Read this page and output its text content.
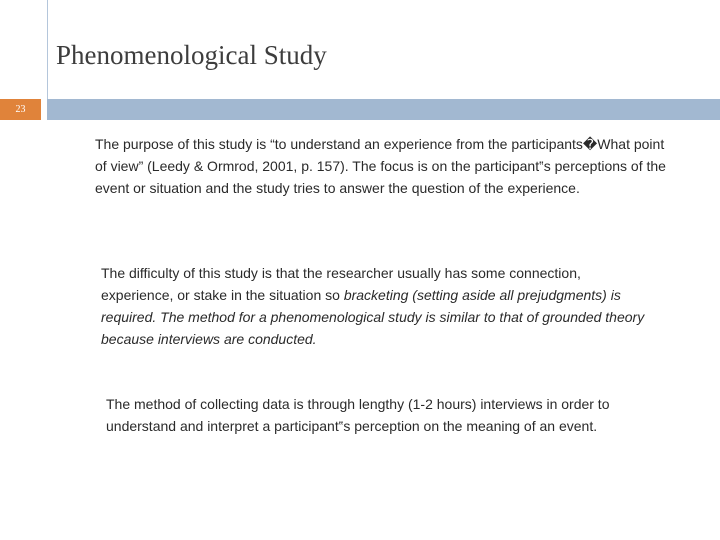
Phenomenological Study
23

The purpose of this study is “to understand an experience from the participants�What point of view” (Leedy & Ormrod, 2001, p. 157). The focus is on the participant‟s perceptions of the event or situation and the study tries to answer the question of the experience.

The difficulty of this study is that the researcher usually has some connection, experience, or stake in the situation so bracketing (setting aside all prejudgments) is required. The method for a phenomenological study is similar to that of grounded theory because interviews are conducted.

The method of collecting data is through lengthy (1-2 hours) interviews in order to understand and interpret a participant‟s perception on the meaning of an event.
